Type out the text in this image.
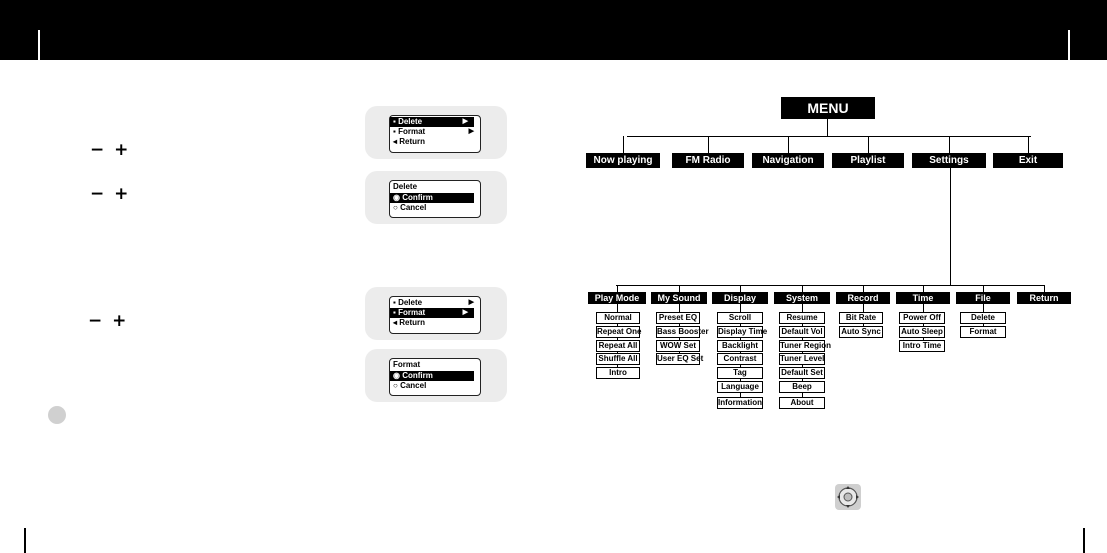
− +
− +
− +
▪ Delete	▶
▪ Format	▶
◂ Return
Delete
◉ Confirm
○ Cancel
▪ Delete	▶
▪ Format	▶
◂ Return
Format
◉ Confirm
○ Cancel
MENU
Now playing	FM Radio	Navigation	Playlist	Settings	Exit
Play Mode	My Sound	Display	System	Record	Time	File	Return
Normal
Repeat One
Repeat All
Shuffle All
Intro
Preset EQ
Bass Booster
WOW Set
User EQ Set
Scroll
Display Time
Backlight
Contrast
Tag
Language
Information
Resume
Default Vol
Tuner Region
Tuner Level
Default Set
Beep
About
Bit Rate
Auto Sync
Power Off
Auto Sleep
Intro Time
Delete
Format
